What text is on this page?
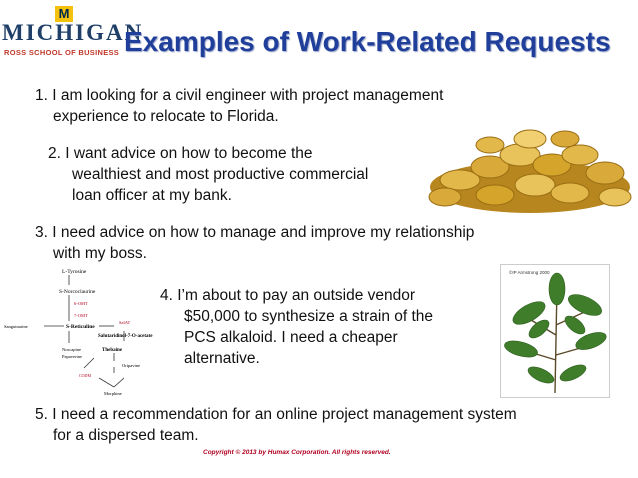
M
MICHIGAN
ROSS SCHOOL OF BUSINESS Examples of Work-Related Requests
1. I am looking for a civil engineer with project management
experience to relocate to Florida.
2. I want advice on how to become the
wealthiest and most productive commercial
loan officer at my bank.
3. I need advice on how to manage and improve my relationship
with my boss.
4. I’m about to pay an outside vendor
$50,000 to synthesize a strain of the
PCS alkaloid. I need a cheaper
alternative.
5. I need a recommendation for an online project management system
for a dispersed team.
Copyright © 2013 by Humax Corporation. All rights reserved.
L-Tyrosine
S-Norcoclaurine
6-OMT
7-OMT
S-Reticuline
Sanguinarine
SalAT
Salutaridinol-7-O-acetate
Noscapine
Papaverine
Thebaine
Oripavine
CODM
Morphine
©IP Armstrong 2000
